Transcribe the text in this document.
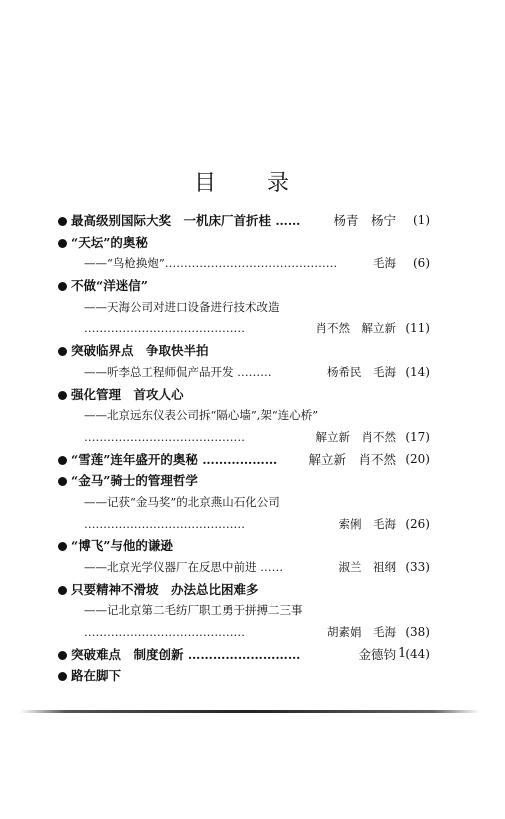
目 录
最高级别国际大奖　一机床厂首折桂 ……	杨青　杨宁 (1)
“天坛”的奥秘
——“鸟枪换炮”………………………………………	毛海 (6)
不做“洋迷信”
——天海公司对进口设备进行技术改造
……………………………………	肖不然　解立新 (11)
突破临界点　争取快半拍
——听李总工程师侃产品开发 ………	杨希民　毛海 (14)
强化管理　首攻人心
——北京远东仪表公司拆“隔心墙”,架“连心桥”
……………………………………	解立新　肖不然 (17)
“雪莲”连年盛开的奥秘 ………………	解立新　肖不然 (20)
“金马”骑士的管理哲学
——记获“金马奖”的北京燕山石化公司
……………………………………	索俐　毛海 (26)
“博飞”与他的谦逊
——北京光学仪器厂在反思中前进 ……	淑兰　祖纲 (33)
只要精神不滑坡　办法总比困难多
——记北京第二毛纺厂职工勇于拼搏二三事
……………………………………	胡素娟　毛海 (38)
突破难点　制度创新 ………………………	金德钧 (44)
路在脚下
1
